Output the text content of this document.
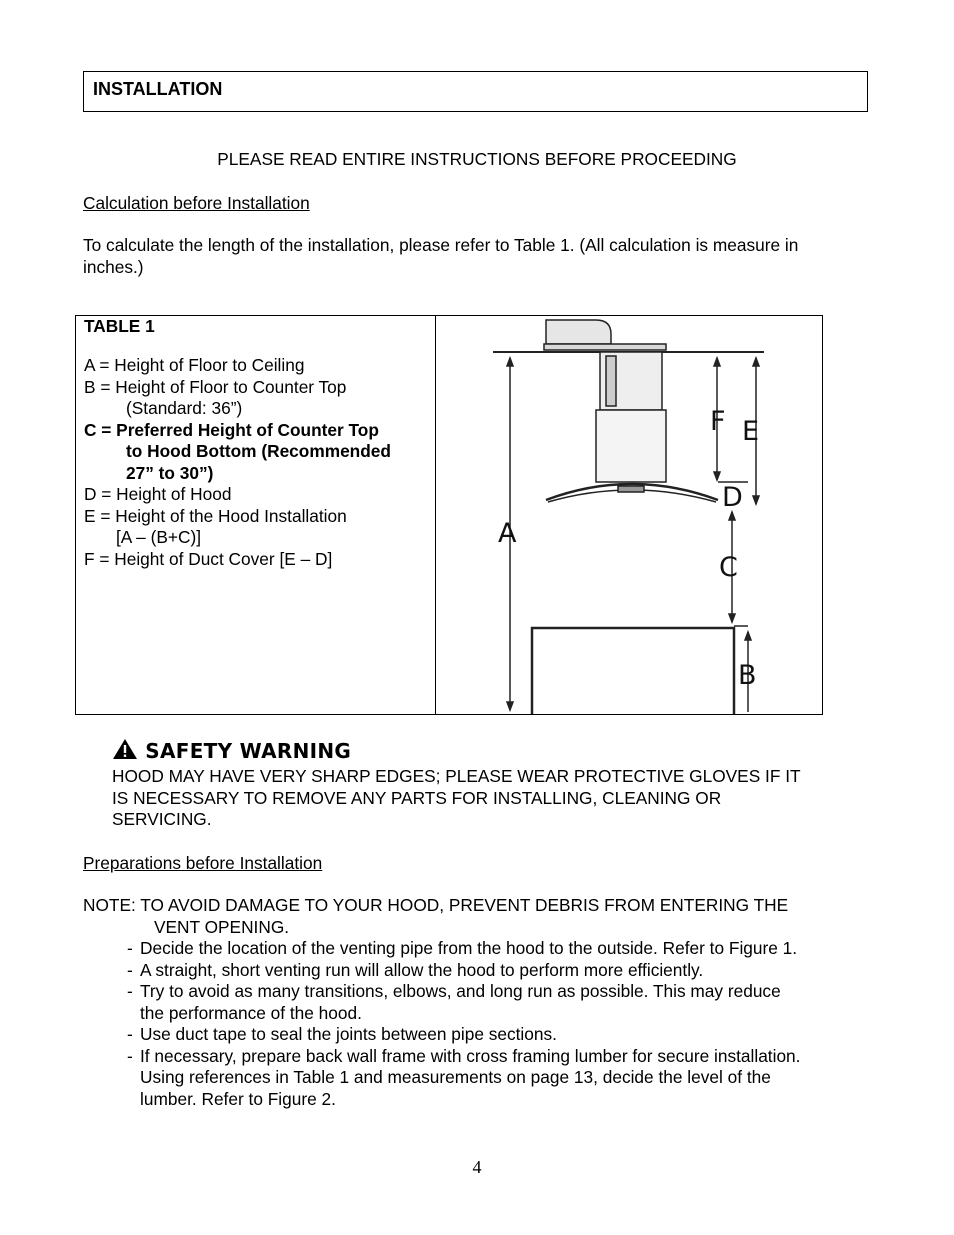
INSTALLATION
PLEASE READ ENTIRE INSTRUCTIONS BEFORE PROCEEDING
Calculation before Installation
To calculate the length of the installation, please refer to Table 1. (All calculation is measure in
inches.)
TABLE 1
A = Height of Floor to Ceiling
B = Height of Floor to Counter Top
(Standard: 36”)
C = Preferred Height of Counter Top
to Hood Bottom (Recommended
27” to 30”)
D = Height of Hood
E = Height of the Hood Installation
[A – (B+C)]
F = Height of Duct Cover [E – D]
A
F E
D
C
B
SAFETY WARNING
HOOD MAY HAVE VERY SHARP EDGES; PLEASE WEAR PROTECTIVE GLOVES IF IT
IS NECESSARY TO REMOVE ANY PARTS FOR INSTALLING, CLEANING OR
SERVICING.
Preparations before Installation
NOTE: TO AVOID DAMAGE TO YOUR HOOD, PREVENT DEBRIS FROM ENTERING THE
VENT OPENING.
- Decide the location of the venting pipe from the hood to the outside. Refer to Figure 1.
- A straight, short venting run will allow the hood to perform more efficiently.
- Try to avoid as many transitions, elbows, and long run as possible. This may reduce
the performance of the hood.
- Use duct tape to seal the joints between pipe sections.
- If necessary, prepare back wall frame with cross framing lumber for secure installation.
Using references in Table 1 and measurements on page 13, decide the level of the
lumber. Refer to Figure 2.
4
